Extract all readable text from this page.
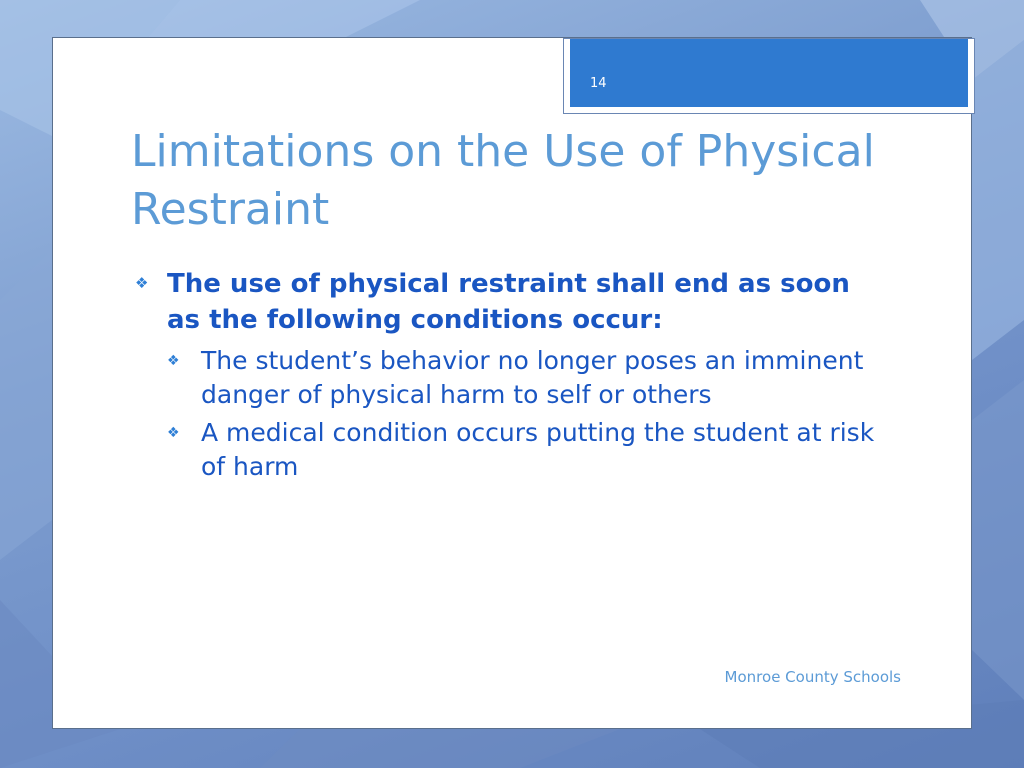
14
Limitations on the Use of Physical Restraint
❖ The use of physical restraint shall end as soon as the following conditions occur:
❖ The student’s behavior no longer poses an imminent danger of physical harm to self or others
❖ A medical condition occurs putting the student at risk of harm
Monroe County Schools
